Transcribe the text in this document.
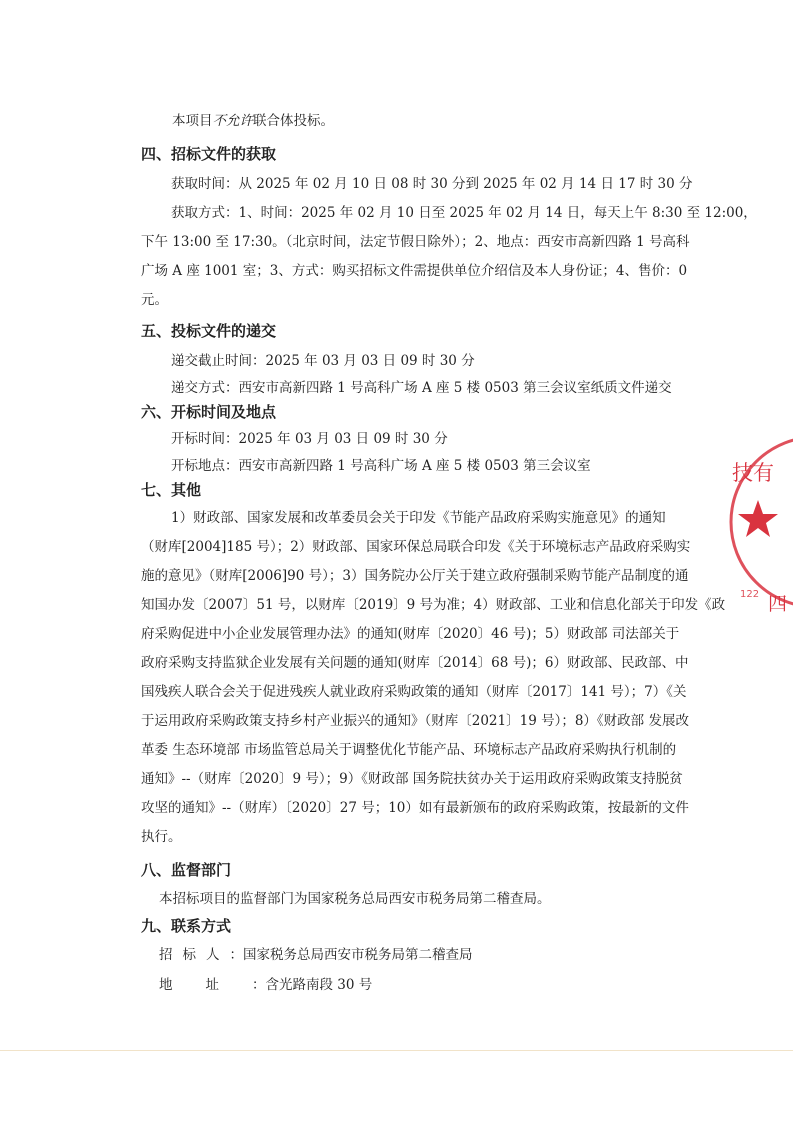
本项目不允许联合体投标。
四、招标文件的获取
获取时间：从 2025 年 02 月 10 日 08 时 30 分到 2025 年 02 月 14 日 17 时 30 分
获取方式：1、时间：2025 年 02 月 10 日至 2025 年 02 月 14 日，每天上午 8:30 至 12:00，
下午 13:00 至 17:30。（北京时间，法定节假日除外）；2、地点：西安市高新四路 1 号高科
广场 A 座 1001 室；3、方式：购买招标文件需提供单位介绍信及本人身份证；4、售价：0
元。
五、投标文件的递交
递交截止时间：2025 年 03 月 03 日 09 时 30 分
递交方式：西安市高新四路 1 号高科广场 A 座 5 楼 0503 第三会议室纸质文件递交
六、开标时间及地点
开标时间：2025 年 03 月 03 日 09 时 30 分
开标地点：西安市高新四路 1 号高科广场 A 座 5 楼 0503 第三会议室
七、其他
1）财政部、国家发展和改革委员会关于印发《节能产品政府采购实施意见》的通知
（财库[2004]185 号）；2）财政部、国家环保总局联合印发《关于环境标志产品政府采购实
施的意见》（财库[2006]90 号）；3）国务院办公厅关于建立政府强制采购节能产品制度的通
知国办发〔2007〕51 号，以财库〔2019〕9 号为准；4）财政部、工业和信息化部关于印发《政
府采购促进中小企业发展管理办法》的通知(财库〔2020〕46 号)；5）财政部 司法部关于
政府采购支持监狱企业发展有关问题的通知(财库〔2014〕68 号)；6）财政部、民政部、中
国残疾人联合会关于促进残疾人就业政府采购政策的通知（财库〔2017〕141 号）；7）《关
于运用政府采购政策支持乡村产业振兴的通知》（财库〔2021〕19 号）；8）《财政部 发展改
革委 生态环境部 市场监管总局关于调整优化节能产品、环境标志产品政府采购执行机制的
通知》--（财库〔2020〕9 号）；9）《财政部 国务院扶贫办关于运用政府采购政策支持脱贫
攻坚的通知》--（财库）〔2020〕27 号；10）如有最新颁布的政府采购政策，按最新的文件
执行。
八、监督部门
本招标项目的监督部门为国家税务总局西安市税务局第二稽查局。
九、联系方式
招标人：国家税务总局西安市税务局第二稽查局
地址：含光路南段 30 号
技有
122 四
